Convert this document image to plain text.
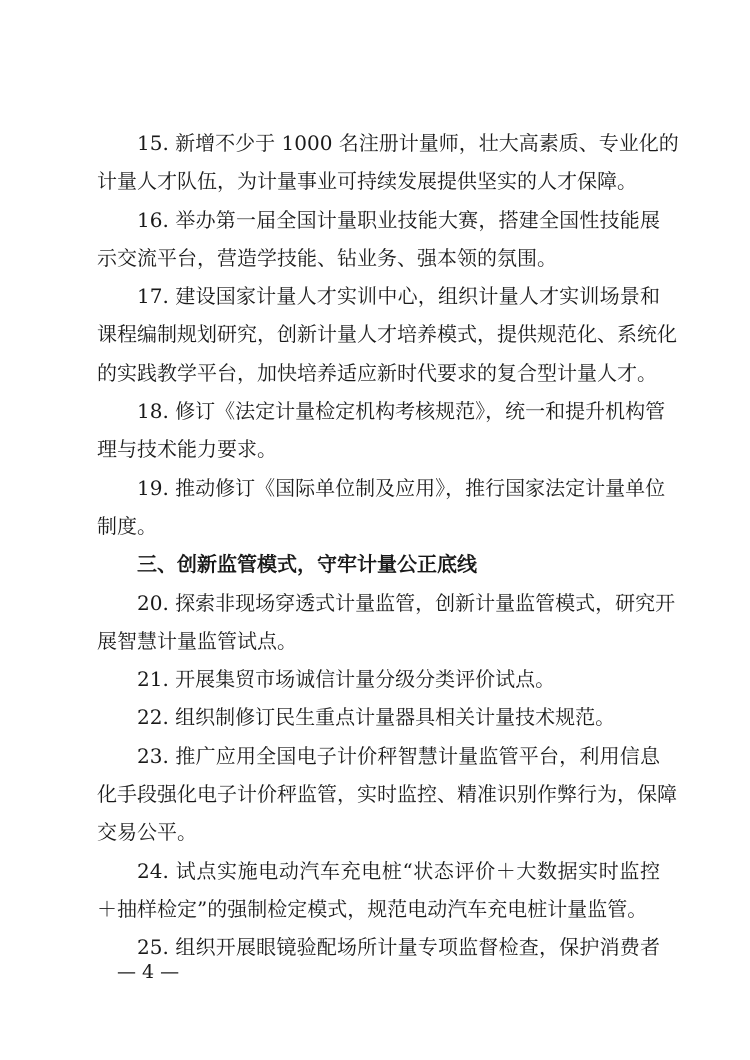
15. 新增不少于 1000 名注册计量师，壮大高素质、专业化的
计量人才队伍，为计量事业可持续发展提供坚实的人才保障。
16. 举办第一届全国计量职业技能大赛，搭建全国性技能展
示交流平台，营造学技能、钻业务、强本领的氛围。
17. 建设国家计量人才实训中心，组织计量人才实训场景和
课程编制规划研究，创新计量人才培养模式，提供规范化、系统化
的实践教学平台，加快培养适应新时代要求的复合型计量人才。
18. 修订《法定计量检定机构考核规范》，统一和提升机构管
理与技术能力要求。
19. 推动修订《国际单位制及应用》，推行国家法定计量单位
制度。
三、创新监管模式，守牢计量公正底线
20. 探索非现场穿透式计量监管，创新计量监管模式，研究开
展智慧计量监管试点。
21. 开展集贸市场诚信计量分级分类评价试点。
22. 组织制修订民生重点计量器具相关计量技术规范。
23. 推广应用全国电子计价秤智慧计量监管平台，利用信息
化手段强化电子计价秤监管，实时监控、精准识别作弊行为，保障
交易公平。
24. 试点实施电动汽车充电桩“状态评价＋大数据实时监控
＋抽样检定”的强制检定模式，规范电动汽车充电桩计量监管。
25. 组织开展眼镜验配场所计量专项监督检查，保护消费者
— 4 —
